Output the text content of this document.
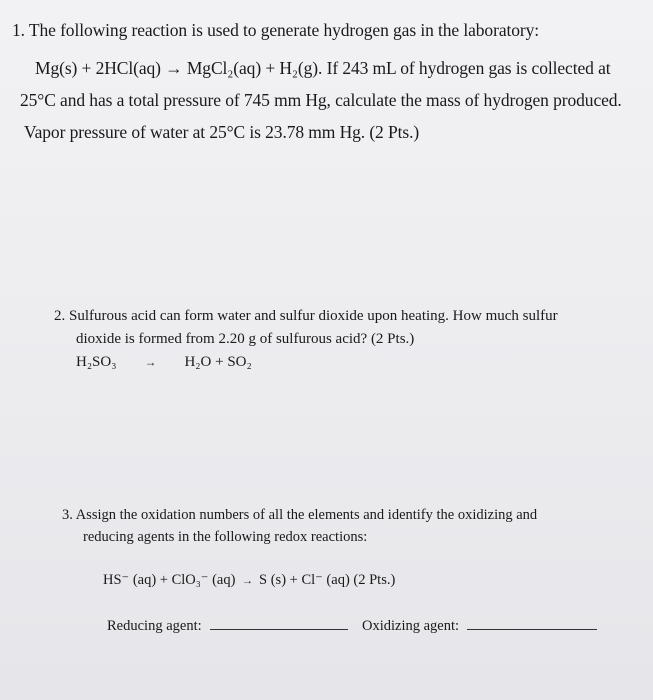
1. The following reaction is used to generate hydrogen gas in the laboratory:
Mg(s) + 2HCl(aq) → MgCl₂(aq) + H₂(g). If 243 mL of hydrogen gas is collected at
25°C and has a total pressure of 745 mm Hg, calculate the mass of hydrogen produced.
Vapor pressure of water at 25°C is 23.78 mm Hg. (2 Pts.)
2. Sulfurous acid can form water and sulfur dioxide upon heating. How much sulfur
dioxide is formed from 2.20 g of sulfurous acid? (2 Pts.)
H₂SO₃ → H₂O + SO₂
3. Assign the oxidation numbers of all the elements and identify the oxidizing and
reducing agents in the following redox reactions:
HS⁻ (aq) + ClO₃⁻ (aq) → S (s) + Cl⁻ (aq) (2 Pts.)
Reducing agent:	Oxidizing agent:
